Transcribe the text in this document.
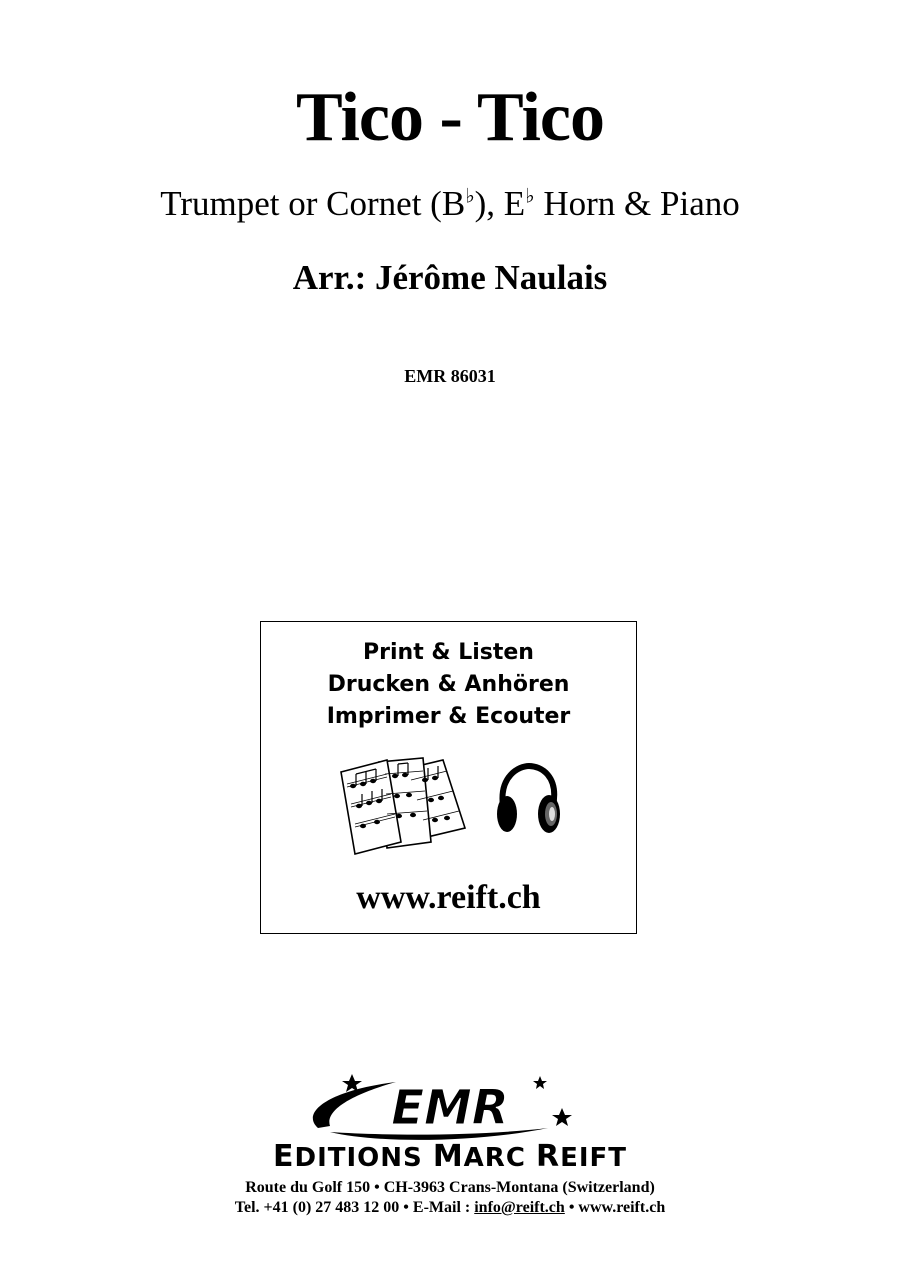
Tico - Tico
Trumpet or Cornet (B♭), E♭ Horn & Piano
Arr.: Jérôme Naulais
EMR 86031
Print & Listen
Drucken & Anhören
Imprimer & Ecouter
www.reift.ch
EMR
EDITIONS MARC REIFT
Route du Golf 150 • CH-3963 Crans-Montana (Switzerland)
Tel. +41 (0) 27 483 12 00 • E-Mail : info@reift.ch • www.reift.ch
